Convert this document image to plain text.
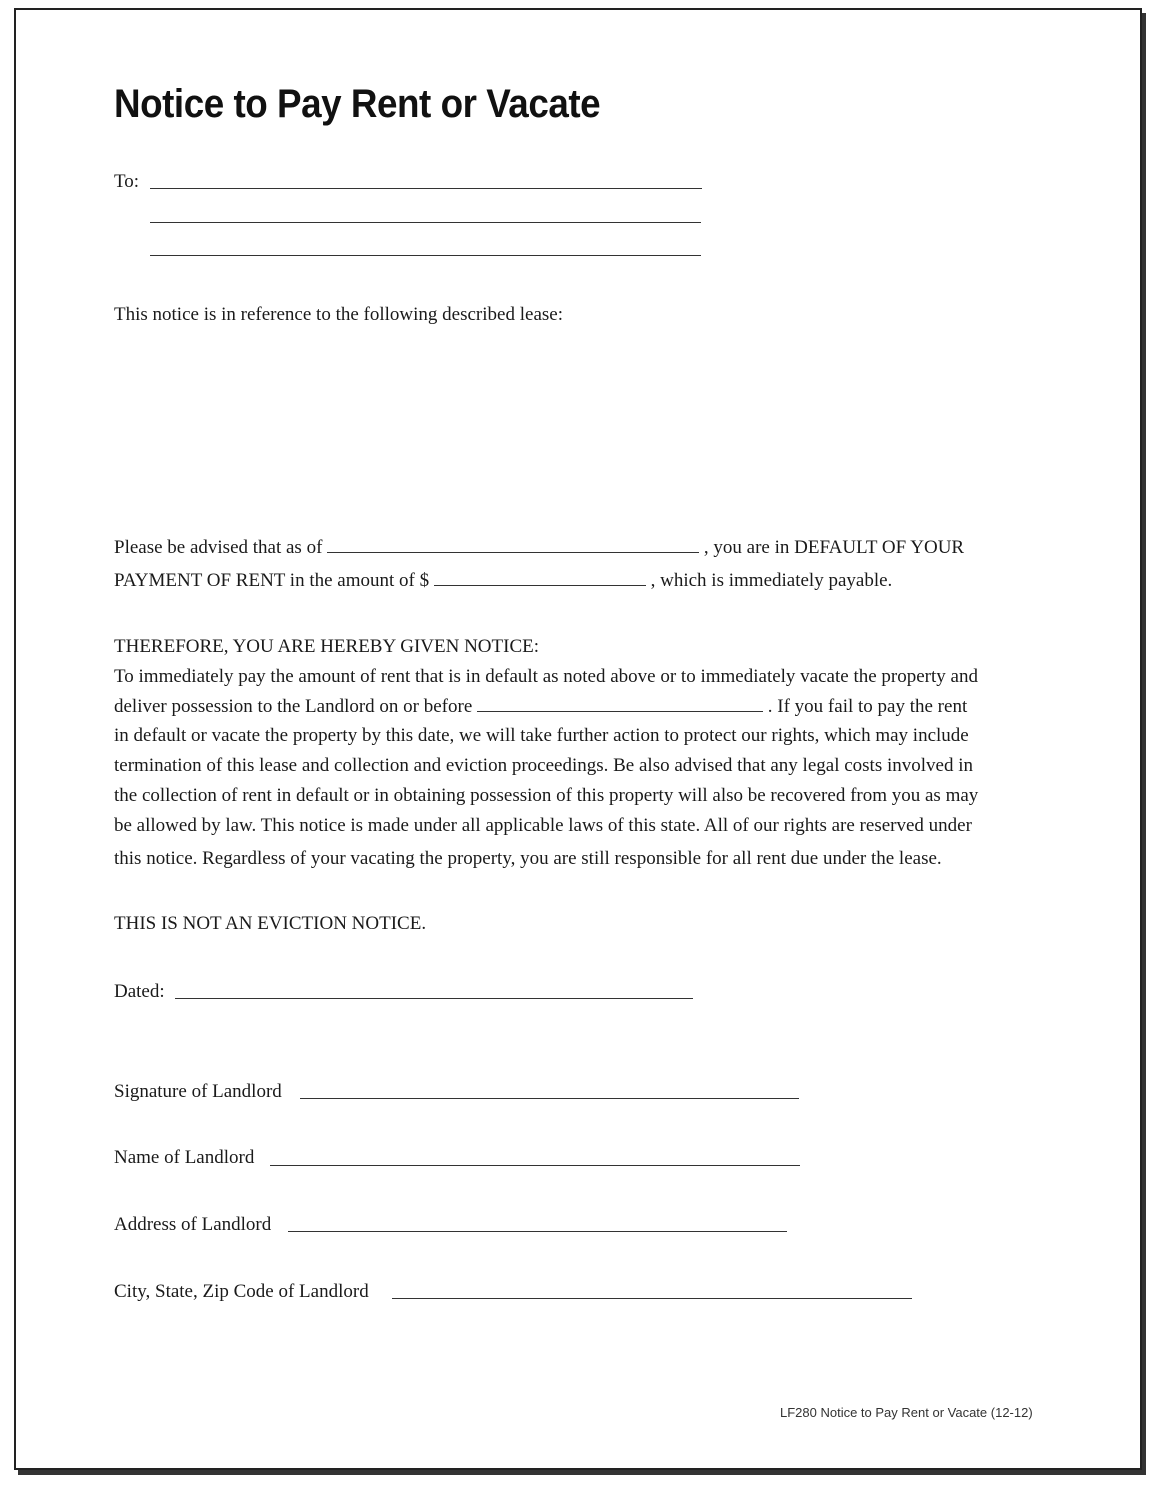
Notice to Pay Rent or Vacate
To:
This notice is in reference to the following described lease:
Please be advised that as of	, you are in DEFAULT OF YOUR
PAYMENT OF RENT in the amount of $	, which is immediately payable.
THEREFORE, YOU ARE HEREBY GIVEN NOTICE:
To immediately pay the amount of rent that is in default as noted above or to immediately vacate the property and
deliver possession to the Landlord on or before	. If you fail to pay the rent
in default or vacate the property by this date, we will take further action to protect our rights, which may include
termination of this lease and collection and eviction proceedings. Be also advised that any legal costs involved in
the collection of rent in default or in obtaining possession of this property will also be recovered from you as may
be allowed by law. This notice is made under all applicable laws of this state. All of our rights are reserved under
this notice. Regardless of your vacating the property, you are still responsible for all rent due under the lease.
THIS IS NOT AN EVICTION NOTICE.
Dated:
Signature of Landlord
Name of Landlord
Address of Landlord
City, State, Zip Code of Landlord
LF280 Notice to Pay Rent or Vacate (12-12)
